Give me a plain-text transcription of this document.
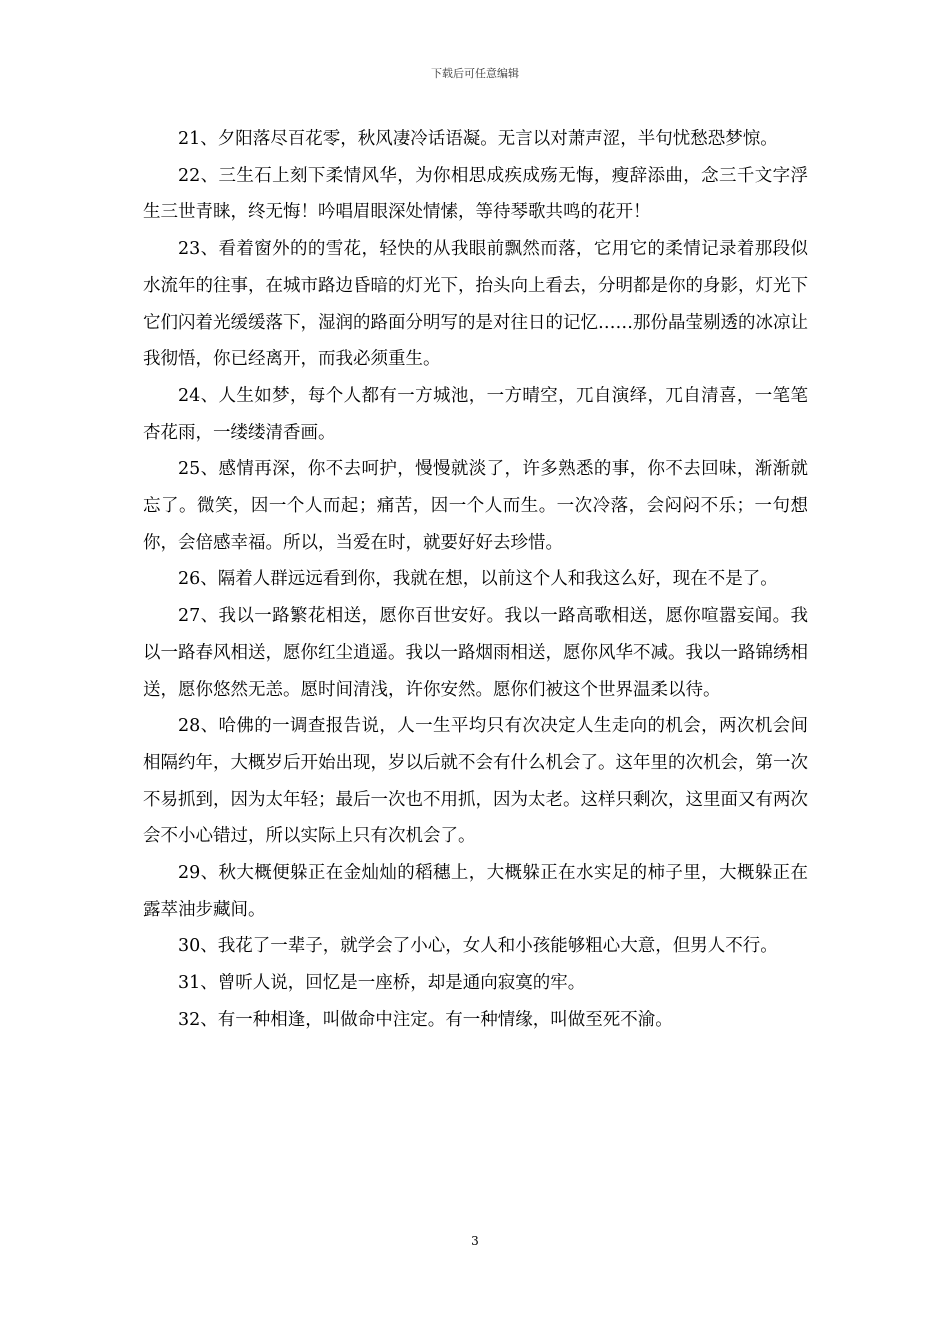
下载后可任意编辑

21、夕阳落尽百花零，秋风凄冷话语凝。无言以对萧声涩，半句忧愁恐梦惊。

22、三生石上刻下柔情风华，为你相思成疾成殇无悔，瘦辞添曲，念三千文字浮生三世青睐，终无悔！吟唱眉眼深处情愫，等待琴歌共鸣的花开！

23、看着窗外的的雪花，轻快的从我眼前飘然而落，它用它的柔情记录着那段似水流年的往事，在城市路边昏暗的灯光下，抬头向上看去，分明都是你的身影，灯光下它们闪着光缓缓落下，湿润的路面分明写的是对往日的记忆……那份晶莹剔透的冰凉让我彻悟，你已经离开，而我必须重生。

24、人生如梦，每个人都有一方城池，一方晴空，兀自演绎，兀自清喜，一笔笔杏花雨，一缕缕清香画。

25、感情再深，你不去呵护，慢慢就淡了，许多熟悉的事，你不去回味，渐渐就忘了。微笑，因一个人而起；痛苦，因一个人而生。一次冷落，会闷闷不乐；一句想你，会倍感幸福。所以，当爱在时，就要好好去珍惜。

26、隔着人群远远看到你，我就在想，以前这个人和我这么好，现在不是了。

27、我以一路繁花相送，愿你百世安好。我以一路高歌相送，愿你喧嚣妄闻。我以一路春风相送，愿你红尘逍遥。我以一路烟雨相送，愿你风华不减。我以一路锦绣相送，愿你悠然无恙。愿时间清浅，许你安然。愿你们被这个世界温柔以待。

28、哈佛的一调查报告说，人一生平均只有次决定人生走向的机会，两次机会间相隔约年，大概岁后开始出现，岁以后就不会有什么机会了。这年里的次机会，第一次不易抓到，因为太年轻；最后一次也不用抓，因为太老。这样只剩次，这里面又有两次会不小心错过，所以实际上只有次机会了。

29、秋大概便躲正在金灿灿的稻穗上，大概躲正在水实足的柿子里，大概躲正在露萃油步藏间。

30、我花了一辈子，就学会了小心，女人和小孩能够粗心大意，但男人不行。

31、曾听人说，回忆是一座桥，却是通向寂寞的牢。

32、有一种相逢，叫做命中注定。有一种情缘，叫做至死不渝。

3
